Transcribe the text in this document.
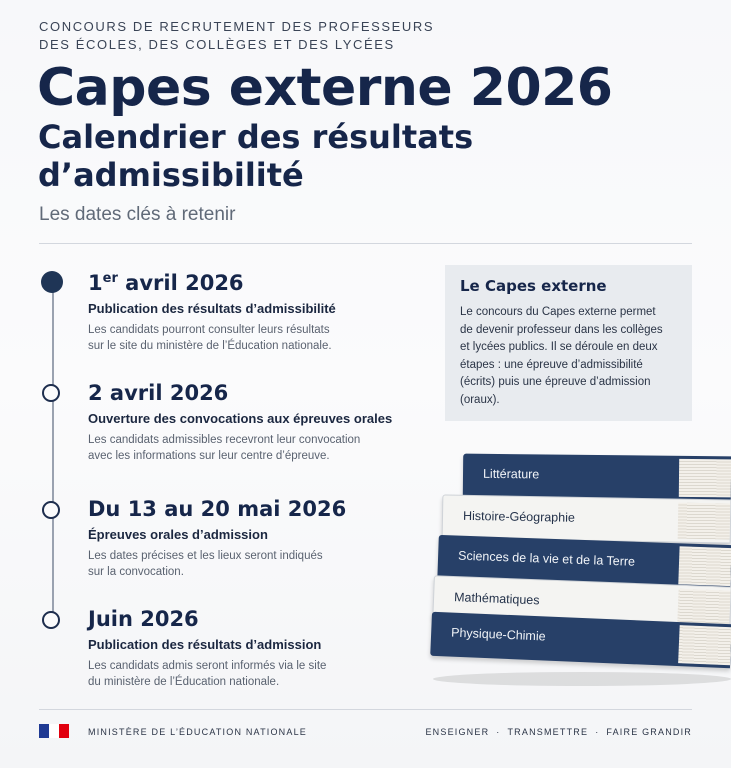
CONCOURS DE RECRUTEMENT DES PROFESSEURS
DES ÉCOLES, DES COLLÈGES ET DES LYCÉES
Capes externe 2026
Calendrier des résultats d’admissibilité
Les dates clés à retenir
1er avril 2026
Publication des résultats d’admissibilité
Les candidats pourront consulter leurs résultats
sur le site du ministère de l’Éducation nationale.
2 avril 2026
Ouverture des convocations aux épreuves orales
Les candidats admissibles recevront leur convocation
avec les informations sur leur centre d’épreuve.
Du 13 au 20 mai 2026
Épreuves orales d’admission
Les dates précises et les lieux seront indiqués
sur la convocation.
Juin 2026
Publication des résultats d’admission
Les candidats admis seront informés via le site
du ministère de l’Éducation nationale.
Le Capes externe
Le concours du Capes externe permet
de devenir professeur dans les collèges
et lycées publics. Il se déroule en deux
étapes : une épreuve d’admissibilité
(écrits) puis une épreuve d’admission
(oraux).
Littérature
Histoire-Géographie
Sciences de la vie et de la Terre
Mathématiques
Physique-Chimie
MINISTÈRE DE L’ÉDUCATION NATIONALE	ENSEIGNER · TRANSMETTRE · FAIRE GRANDIR
